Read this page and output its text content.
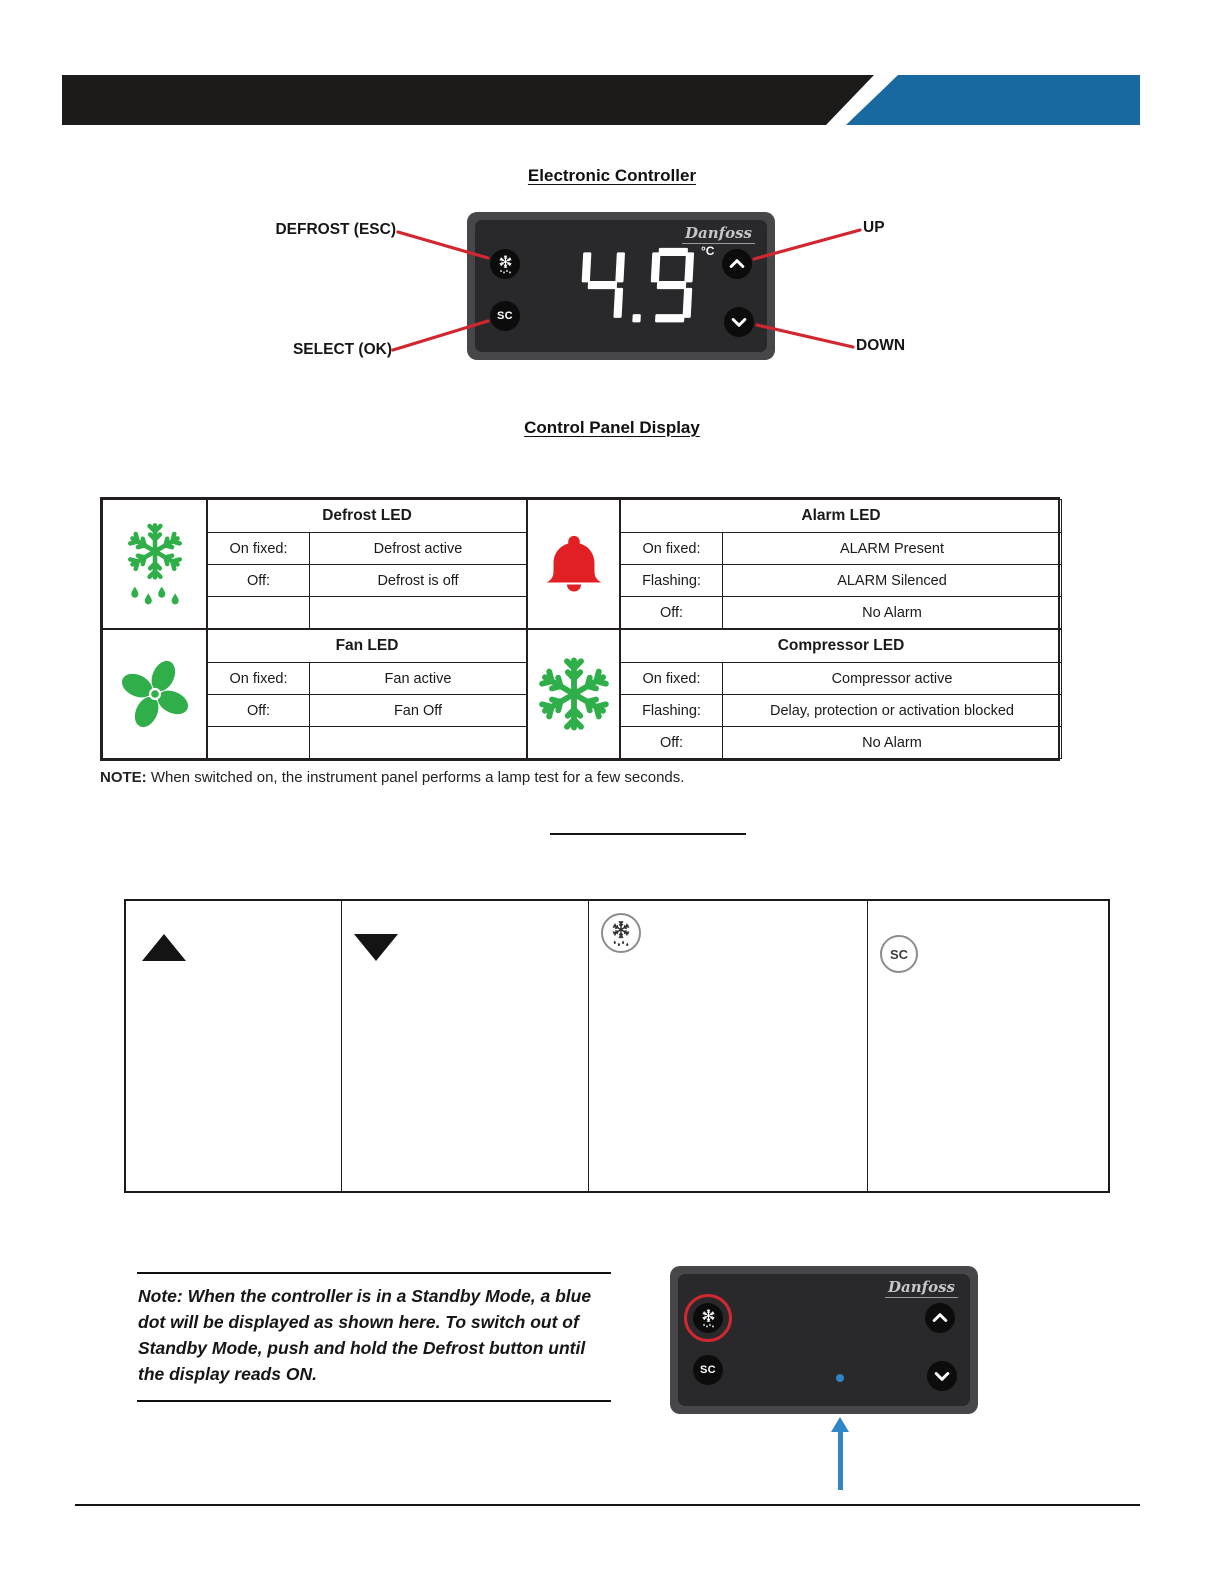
Electronic Controller
DEFROST (ESC)
SELECT (OK)
UP
DOWN
Danfoss
°C
SC
Control Panel Display
Defrost LED
On fixed:	Defrost active
Off:	Defrost is off
Alarm LED
On fixed:	ALARM Present
Flashing:	ALARM Silenced
Off:	No Alarm
Fan LED
On fixed:	Fan active
Off:	Fan Off
Compressor LED
On fixed:	Compressor active
Flashing:	Delay, protection or activation blocked
Off:	No Alarm
NOTE: When switched on, the instrument panel performs a lamp test for a few seconds.
SC
Note: When the controller is in a Standby Mode, a blue dot will be displayed as shown here. To switch out of Standby Mode, push and hold the Defrost button until the display reads ON.
Danfoss
SC
